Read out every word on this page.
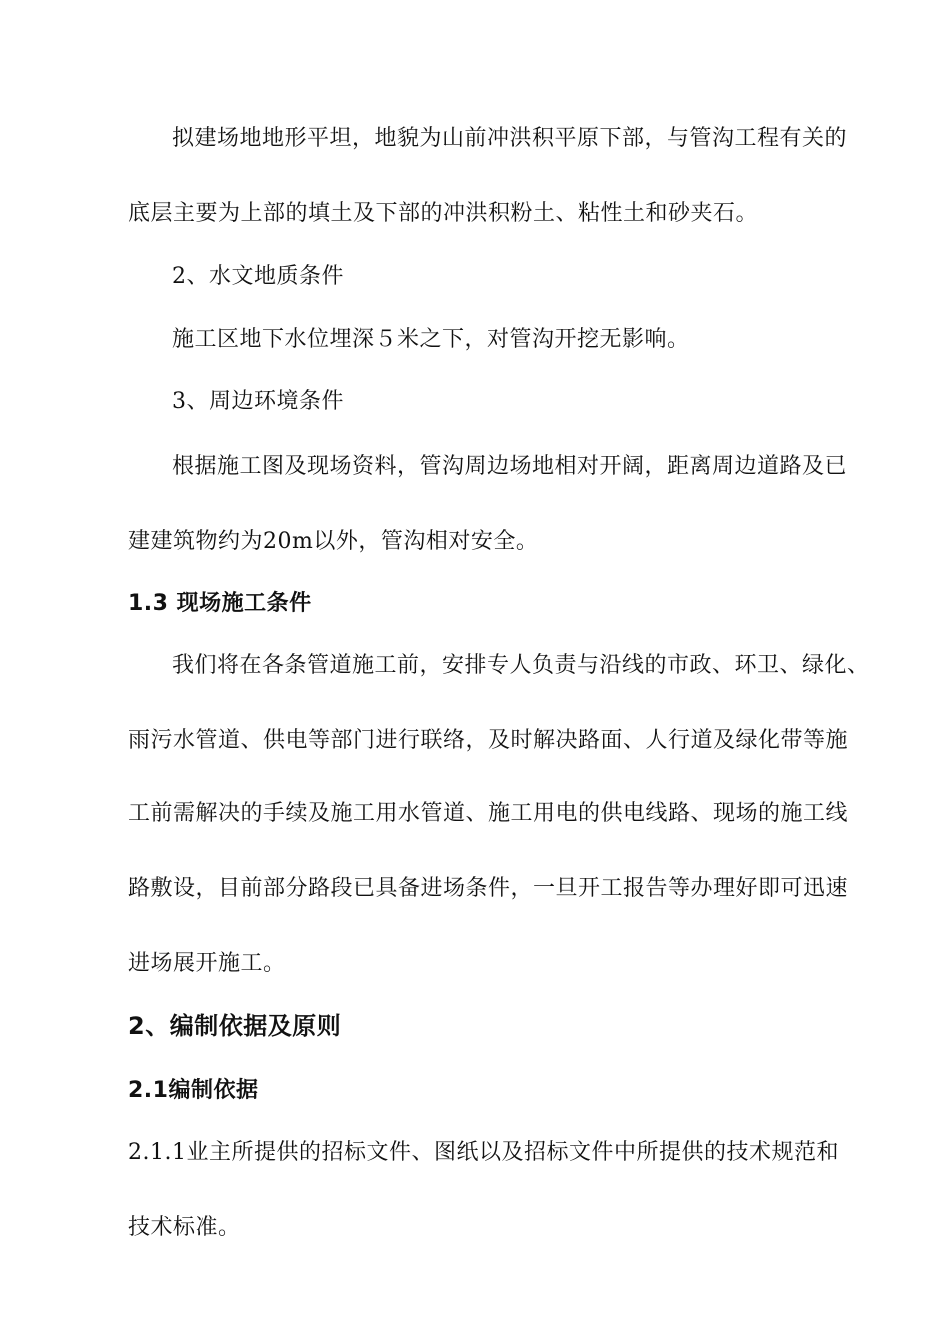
拟建场地地形平坦，地貌为山前冲洪积平原下部，与管沟工程有关的
底层主要为上部的填土及下部的冲洪积粉土、粘性土和砂夹石。
2、水文地质条件
施工区地下水位埋深５米之下，对管沟开挖无影响。
3、周边环境条件
根据施工图及现场资料，管沟周边场地相对开阔，距离周边道路及已
建建筑物约为20m以外，管沟相对安全。
1.3 现场施工条件
我们将在各条管道施工前，安排专人负责与沿线的市政、环卫、绿化、
雨污水管道、供电等部门进行联络，及时解决路面、人行道及绿化带等施
工前需解决的手续及施工用水管道、施工用电的供电线路、现场的施工线
路敷设，目前部分路段已具备进场条件，一旦开工报告等办理好即可迅速
进场展开施工。
2、编制依据及原则
2.1编制依据
2.1.1业主所提供的招标文件、图纸以及招标文件中所提供的技术规范和
技术标准。
